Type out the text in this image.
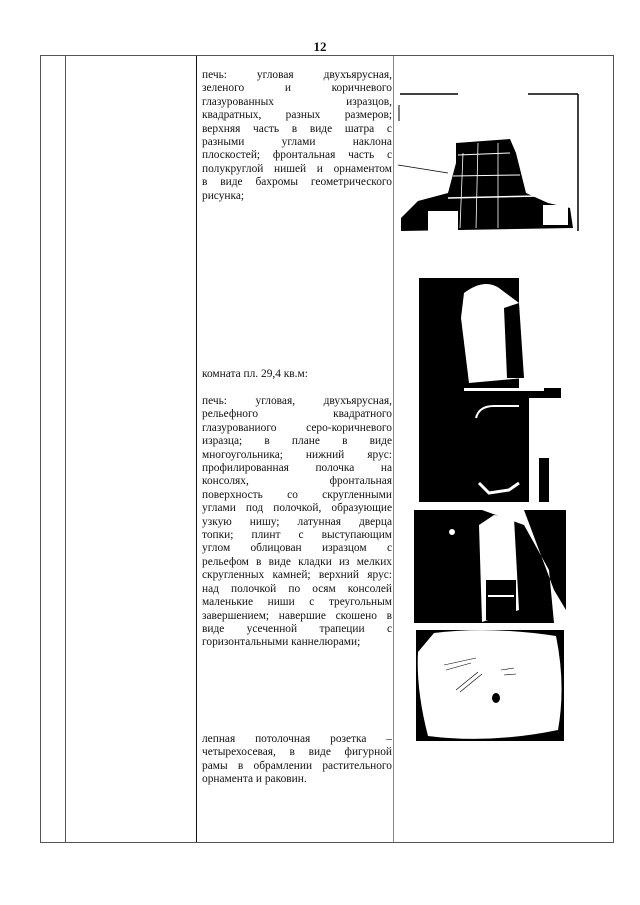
12
печь: угловая двухъярусная,
зеленого и коричневого
глазурованных изразцов,
квадратных, разных размеров;
верхняя часть в виде шатра с
разными углами наклона
плоскостей; фронтальная часть с
полукруглой нишей и орнаментом
в виде бахромы геометрического
рисунка;
комната пл. 29,4 кв.м:
печь: угловая, двухъярусная,
рельефного квадратного
глазурованиого серо-коричневого
изразца; в плане в виде
многоугольника; нижний ярус:
профилированная полочка на
консолях, фронтальная
поверхность со скругленными
углами под полочкой, образующие
узкую нишу; латунная дверца
топки; плинт с выступающим
углом облицован изразцом с
рельефом в виде кладки из мелких
скругленных камней; верхний ярус:
над полочкой по осям консолей
маленькие ниши с треугольным
завершением; навершие скошено в
виде усеченной трапеции с
горизонтальными каннелюрами;
лепная потолочная розетка –
четырехосевая, в виде фигурной
рамы в обрамлении растительного
орнамента и раковин.
